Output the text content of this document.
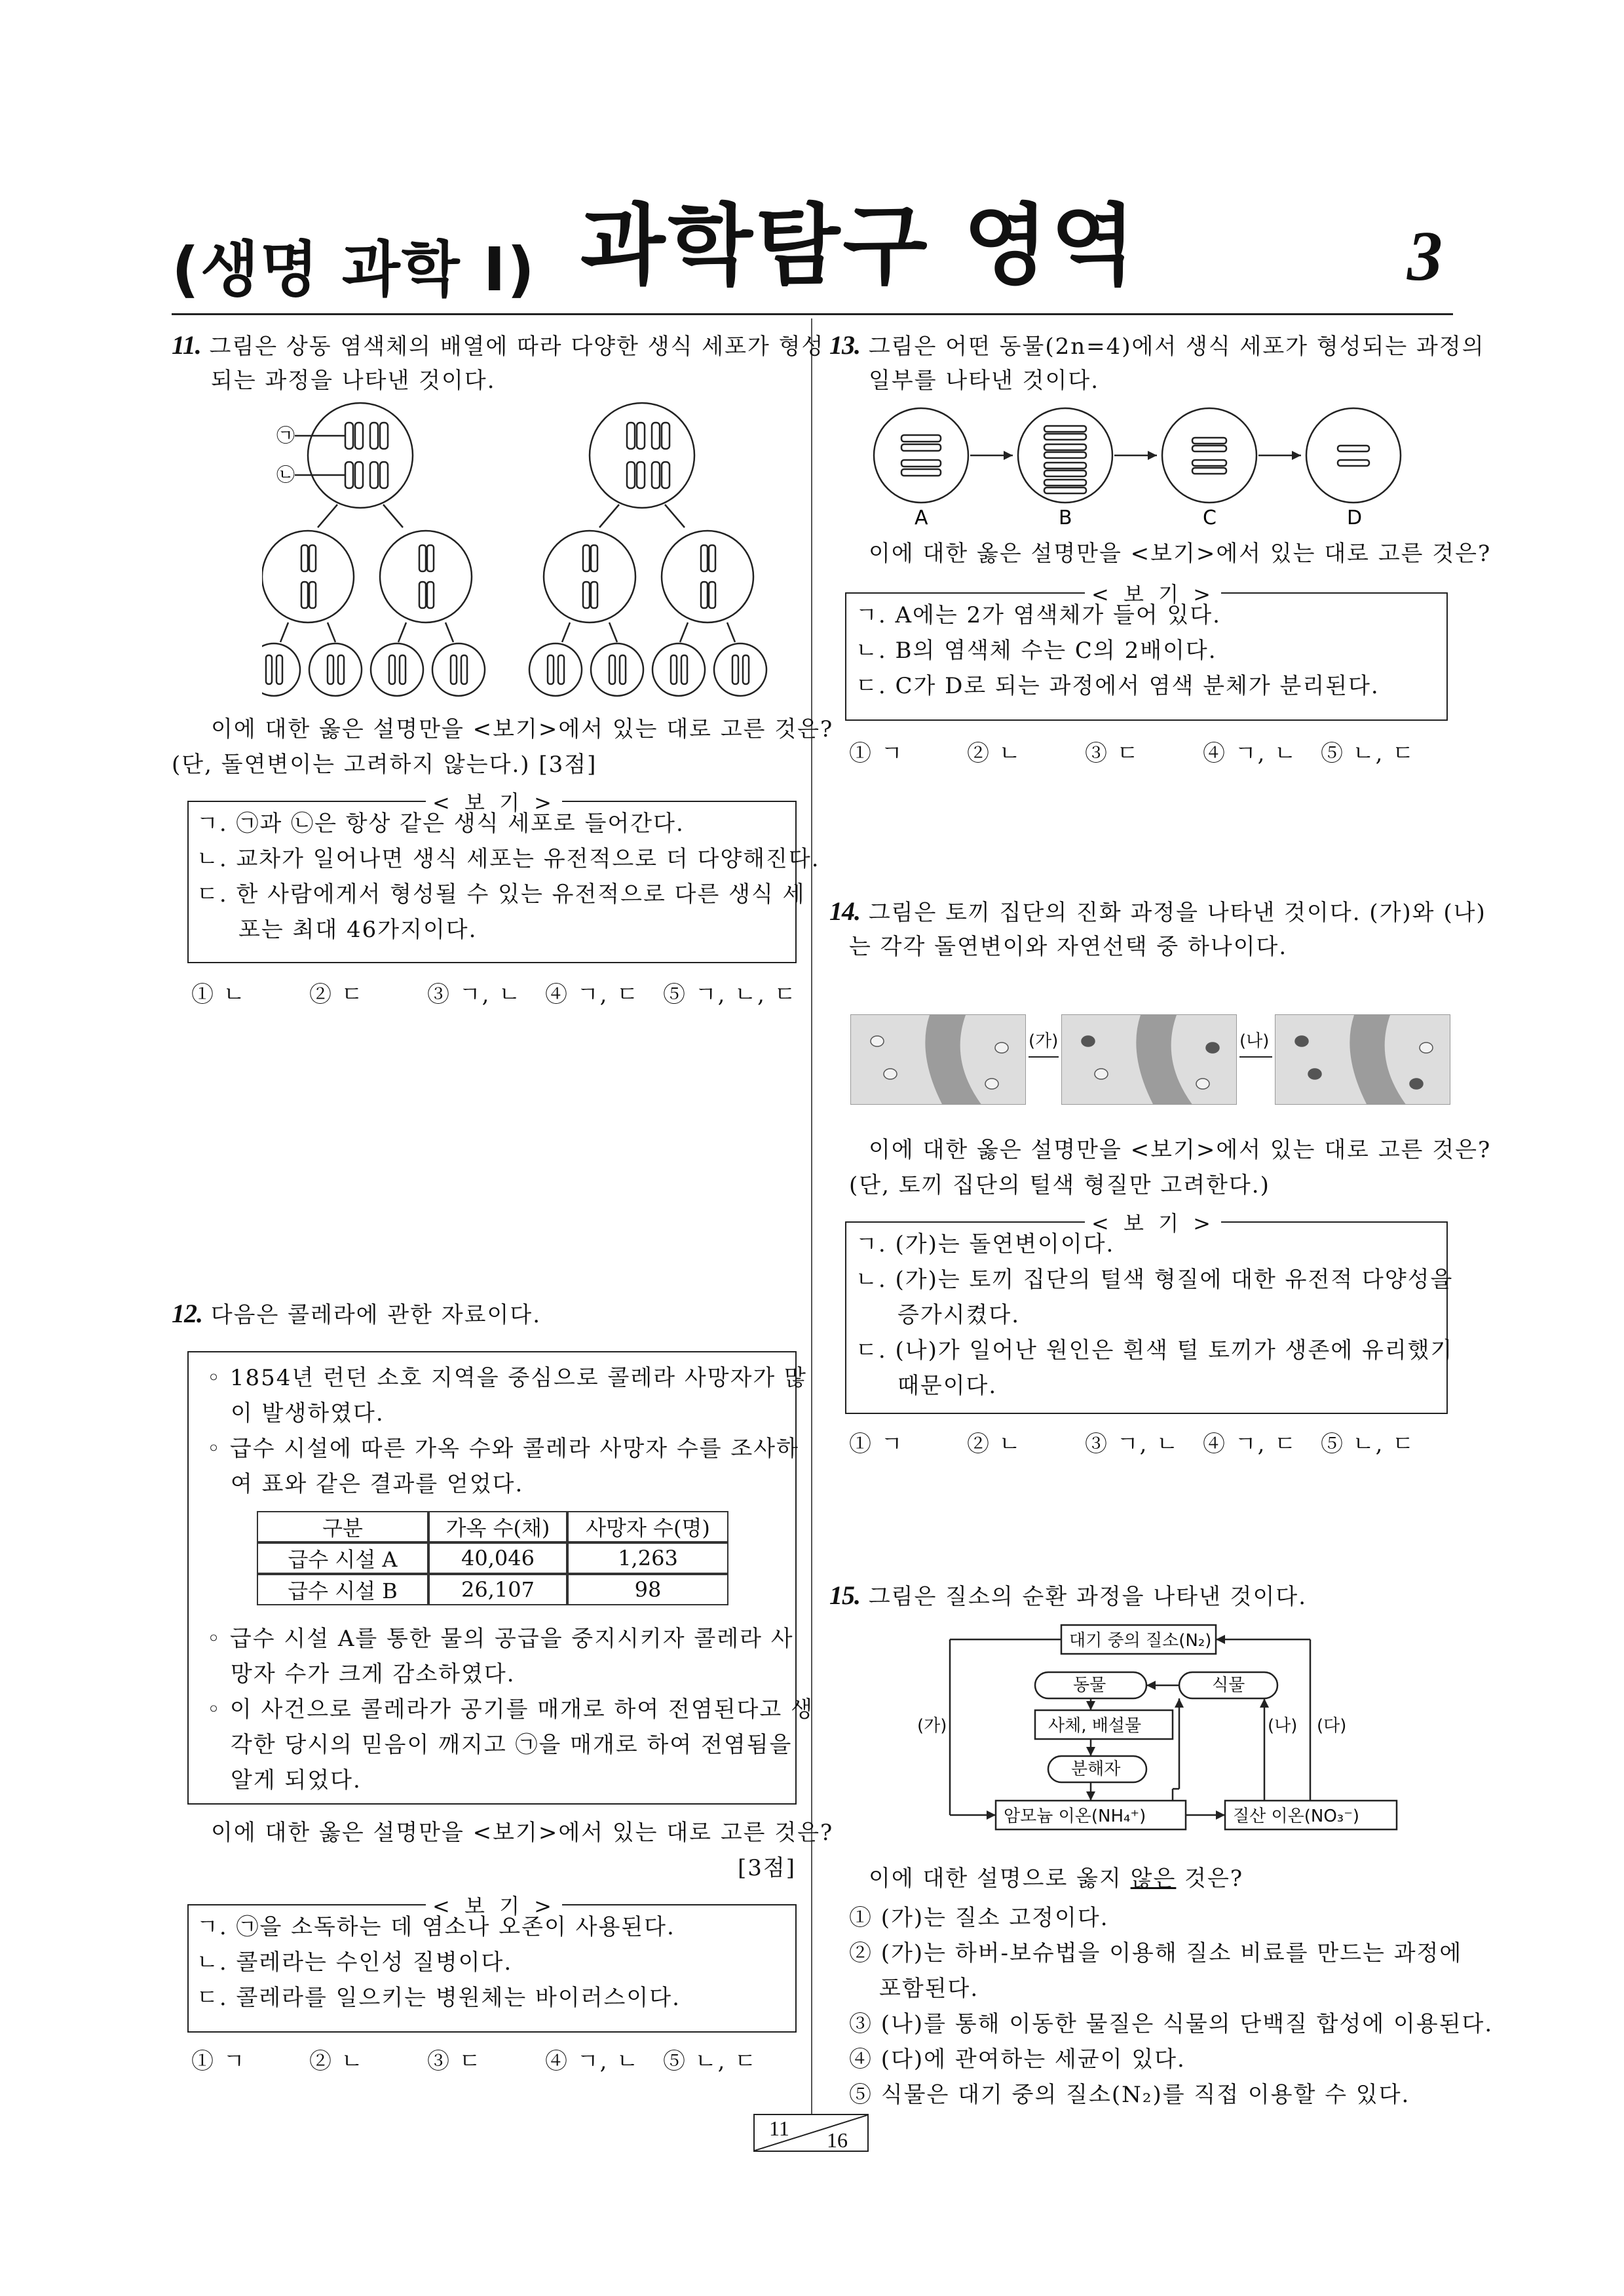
(생명 과학 Ⅰ) 과학탐구 영역	3
11. 그림은 상동 염색체의 배열에 따라 다양한 생식 세포가 형성
되는 과정을 나타낸 것이다.
㉠
㉡
이에 대한 옳은 설명만을 <보기>에서 있는 대로 고른 것은?
(단, 돌연변이는 고려하지 않는다.) [3점]
< 보 기 >
ㄱ. ㉠과 ㉡은 항상 같은 생식 세포로 들어간다.
ㄴ. 교차가 일어나면 생식 세포는 유전적으로 더 다양해진다.
ㄷ. 한 사람에게서 형성될 수 있는 유전적으로 다른 생식 세
포는 최대 46가지이다.
① ㄴ	② ㄷ	③ ㄱ, ㄴ ④ ㄱ, ㄷ ⑤ ㄱ, ㄴ, ㄷ
12. 다음은 콜레라에 관한 자료이다.
◦ 1854년 런던 소호 지역을 중심으로 콜레라 사망자가 많
이 발생하였다.
◦ 급수 시설에 따른 가옥 수와 콜레라 사망자 수를 조사하
여 표와 같은 결과를 얻었다.
구분	가옥 수(채)	사망자 수(명)
급수 시설 A	40,046	1,263
급수 시설 B	26,107	98
◦ 급수 시설 A를 통한 물의 공급을 중지시키자 콜레라 사
망자 수가 크게 감소하였다.
◦ 이 사건으로 콜레라가 공기를 매개로 하여 전염된다고 생
각한 당시의 믿음이 깨지고 ㉠을 매개로 하여 전염됨을
알게 되었다.
이에 대한 옳은 설명만을 <보기>에서 있는 대로 고른 것은?
[3점]
< 보 기 >
ㄱ. ㉠을 소독하는 데 염소나 오존이 사용된다.
ㄴ. 콜레라는 수인성 질병이다.
ㄷ. 콜레라를 일으키는 병원체는 바이러스이다.
① ㄱ	② ㄴ	③ ㄷ	④ ㄱ, ㄴ ⑤ ㄴ, ㄷ
13. 그림은 어떤 동물(2n=4)에서 생식 세포가 형성되는 과정의
일부를 나타낸 것이다.
A	B	C	D
이에 대한 옳은 설명만을 <보기>에서 있는 대로 고른 것은?
< 보 기 >
ㄱ. A에는 2가 염색체가 들어 있다.
ㄴ. B의 염색체 수는 C의 2배이다.
ㄷ. C가 D로 되는 과정에서 염색 분체가 분리된다.
① ㄱ	② ㄴ	③ ㄷ	④ ㄱ, ㄴ ⑤ ㄴ, ㄷ
14. 그림은 토끼 집단의 진화 과정을 나타낸 것이다. (가)와 (나)
는 각각 돌연변이와 자연선택 중 하나이다.
(가)	(나)
이에 대한 옳은 설명만을 <보기>에서 있는 대로 고른 것은?
(단, 토끼 집단의 털색 형질만 고려한다.)
< 보 기 >
ㄱ. (가)는 돌연변이이다.
ㄴ. (가)는 토끼 집단의 털색 형질에 대한 유전적 다양성을
증가시켰다.
ㄷ. (나)가 일어난 원인은 흰색 털 토끼가 생존에 유리했기
때문이다.
① ㄱ	② ㄴ	③ ㄱ, ㄴ ④ ㄱ, ㄷ ⑤ ㄴ, ㄷ
15. 그림은 질소의 순환 과정을 나타낸 것이다.
대기 중의 질소(N₂)
동물	식물
사체, 배설물
분해자
암모늄 이온(NH₄⁺)	질산 이온(NO₃⁻)
(가)	(나) (다)
이에 대한 설명으로 옳지 않은 것은?
① (가)는 질소 고정이다.
② (가)는 하버-보슈법을 이용해 질소 비료를 만드는 과정에
포함된다.
③ (나)를 통해 이동한 물질은 식물의 단백질 합성에 이용된다.
④ (다)에 관여하는 세균이 있다.
⑤ 식물은 대기 중의 질소(N₂)를 직접 이용할 수 있다.
11 16
